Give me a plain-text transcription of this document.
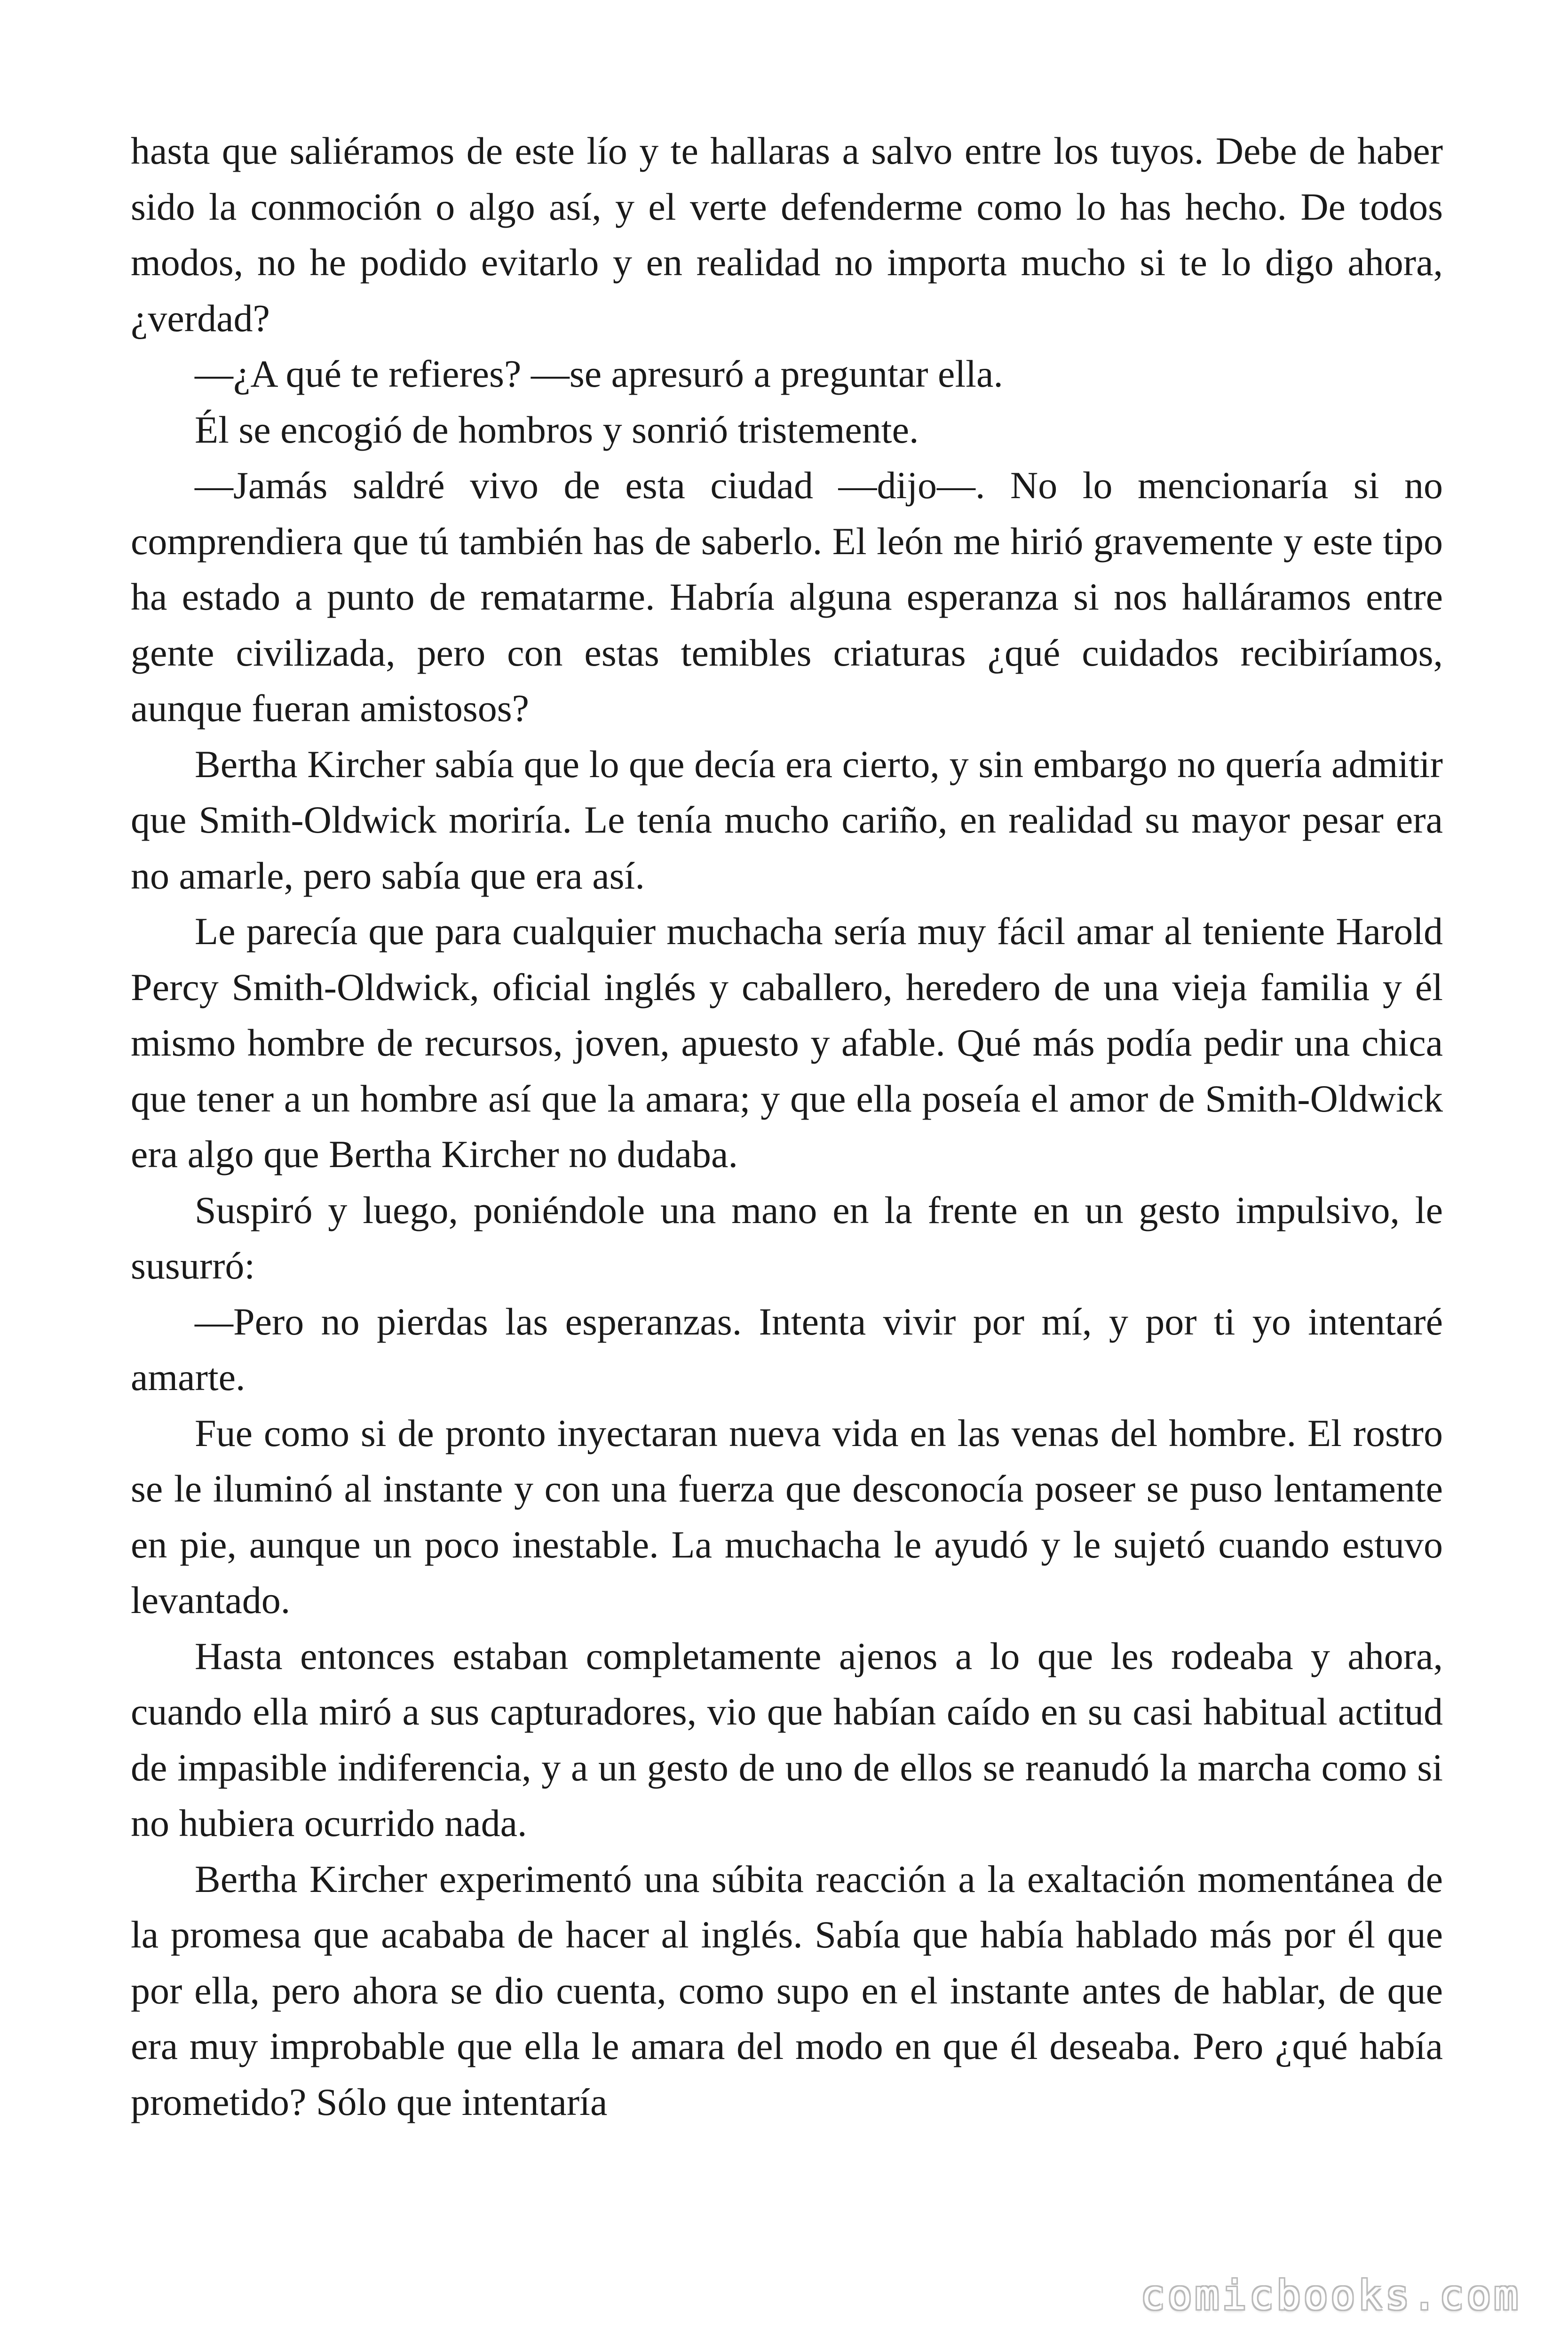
hasta que saliéramos de este lío y te hallaras a salvo entre los tuyos. Debe de haber sido la conmoción o algo así, y el verte defenderme como lo has hecho. De todos modos, no he podido evitarlo y en realidad no importa mucho si te lo digo ahora, ¿verdad?

—¿A qué te refieres? —se apresuró a preguntar ella.

Él se encogió de hombros y sonrió tristemente.

—Jamás saldré vivo de esta ciudad —dijo—. No lo mencionaría si no comprendiera que tú también has de saberlo. El león me hirió gravemente y este tipo ha estado a punto de rematarme. Habría alguna esperanza si nos halláramos entre gente civilizada, pero con estas temibles criaturas ¿qué cuidados recibiríamos, aunque fueran amistosos?

Bertha Kircher sabía que lo que decía era cierto, y sin embargo no quería admitir que Smith-Oldwick moriría. Le tenía mucho cariño, en realidad su mayor pesar era no amarle, pero sabía que era así.

Le parecía que para cualquier muchacha sería muy fácil amar al teniente Harold Percy Smith-Oldwick, oficial inglés y caballero, heredero de una vieja familia y él mismo hombre de recursos, joven, apuesto y afable. Qué más podía pedir una chica que tener a un hombre así que la amara; y que ella poseía el amor de Smith-Oldwick era algo que Bertha Kircher no dudaba.

Suspiró y luego, poniéndole una mano en la frente en un gesto impulsivo, le susurró:

—Pero no pierdas las esperanzas. Intenta vivir por mí, y por ti yo intentaré amarte.

Fue como si de pronto inyectaran nueva vida en las venas del hombre. El rostro se le iluminó al instante y con una fuerza que desconocía poseer se puso lentamente en pie, aunque un poco inestable. La muchacha le ayudó y le sujetó cuando estuvo levantado.

Hasta entonces estaban completamente ajenos a lo que les rodeaba y ahora, cuando ella miró a sus capturadores, vio que habían caído en su casi habitual actitud de impasible indiferencia, y a un gesto de uno de ellos se reanudó la marcha como si no hubiera ocurrido nada.

Bertha Kircher experimentó una súbita reacción a la exaltación momentánea de la promesa que acababa de hacer al inglés. Sabía que había hablado más por él que por ella, pero ahora se dio cuenta, como supo en el instante antes de hablar, de que era muy improbable que ella le amara del modo en que él deseaba. Pero ¿qué había prometido? Sólo que intentaría

comicbooks.com
